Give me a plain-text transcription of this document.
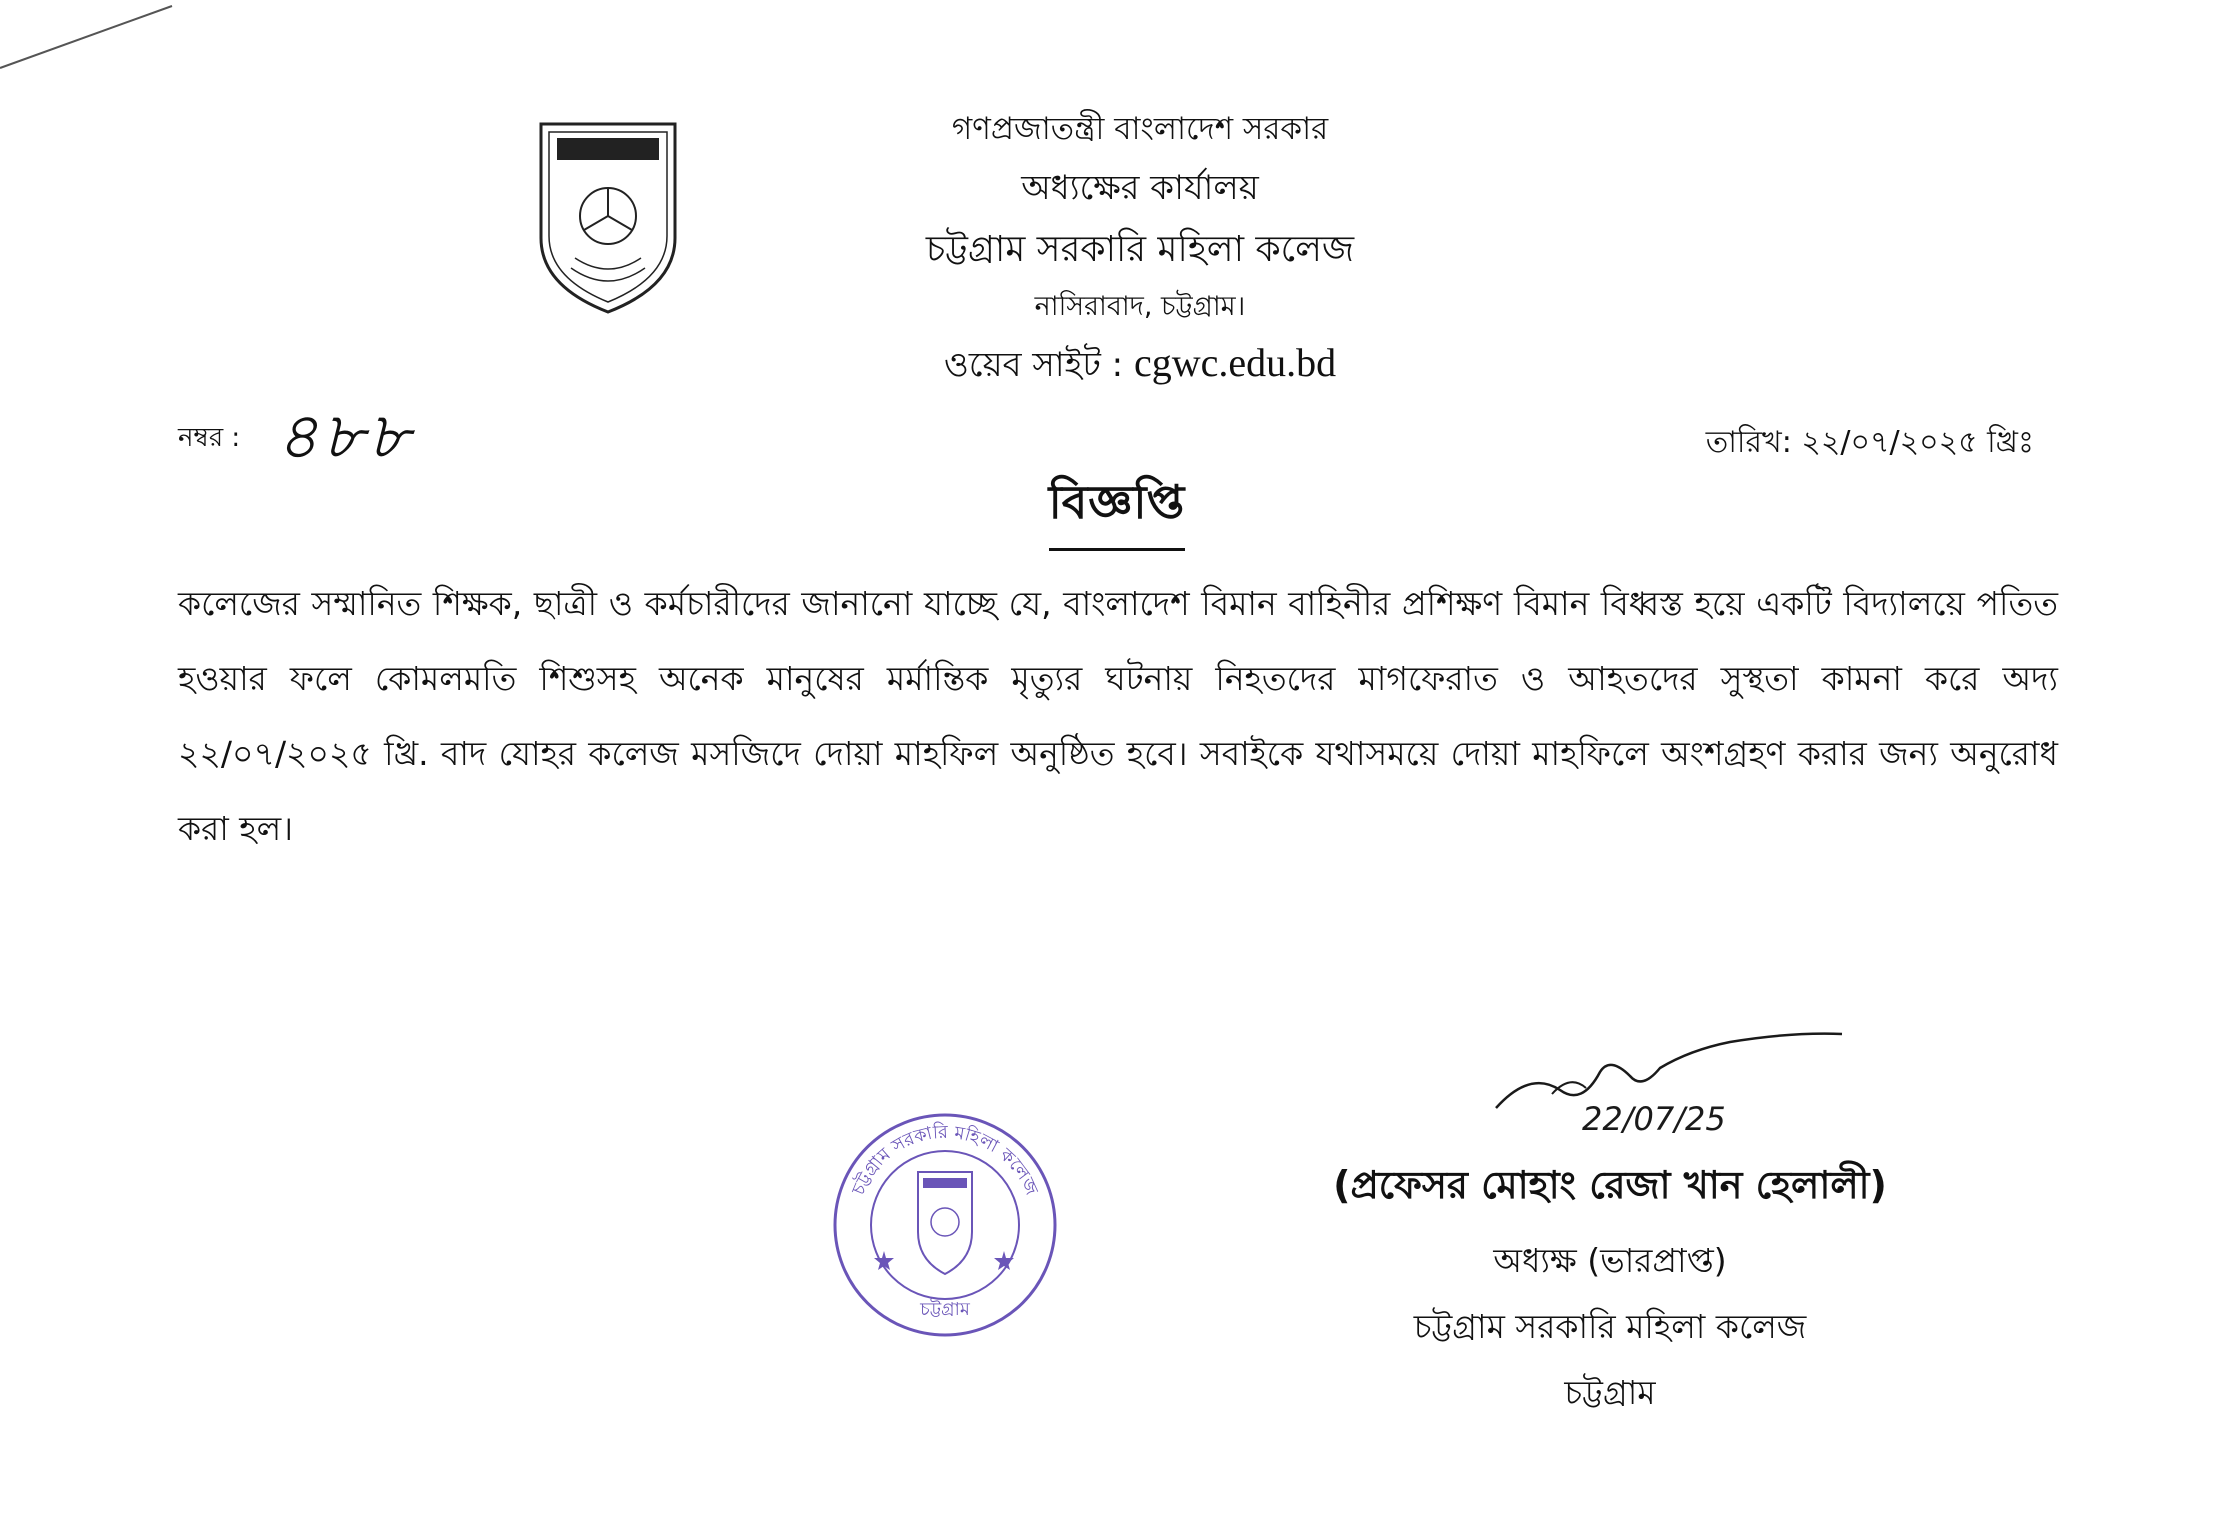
গণপ্রজাতন্ত্রী বাংলাদেশ সরকার
অধ্যক্ষের কার্যালয়
চট্টগ্রাম সরকারি মহিলা কলেজ
নাসিরাবাদ, চট্টগ্রাম।
ওয়েব সাইট : cgwc.edu.bd
নম্বর : ৪৮৮	তারিখ: ২২/০৭/২০২৫ খ্রিঃ
বিজ্ঞপ্তি
কলেজের সম্মানিত শিক্ষক, ছাত্রী ও কর্মচারীদের জানানো যাচ্ছে যে, বাংলাদেশ বিমান বাহিনীর প্রশিক্ষণ বিমান বিধ্বস্ত হয়ে একটি বিদ্যালয়ে পতিত হওয়ার ফলে কোমলমতি শিশুসহ অনেক মানুষের মর্মান্তিক মৃত্যুর ঘটনায় নিহতদের মাগফেরাত ও আহতদের সুস্থতা কামনা করে অদ্য ২২/০৭/২০২৫ খ্রি. বাদ যোহর কলেজ মসজিদে দোয়া মাহফিল অনুষ্ঠিত হবে। সবাইকে যথাসময়ে দোয়া মাহফিলে অংশগ্রহণ করার জন্য অনুরোধ করা হল।
চট্টগ্রাম সরকারি মহিলা কলেজ
চট্টগ্রাম
22/07/25
(প্রফেসর মোহাং রেজা খান হেলালী)
অধ্যক্ষ (ভারপ্রাপ্ত)
চট্টগ্রাম সরকারি মহিলা কলেজ
চট্টগ্রাম
